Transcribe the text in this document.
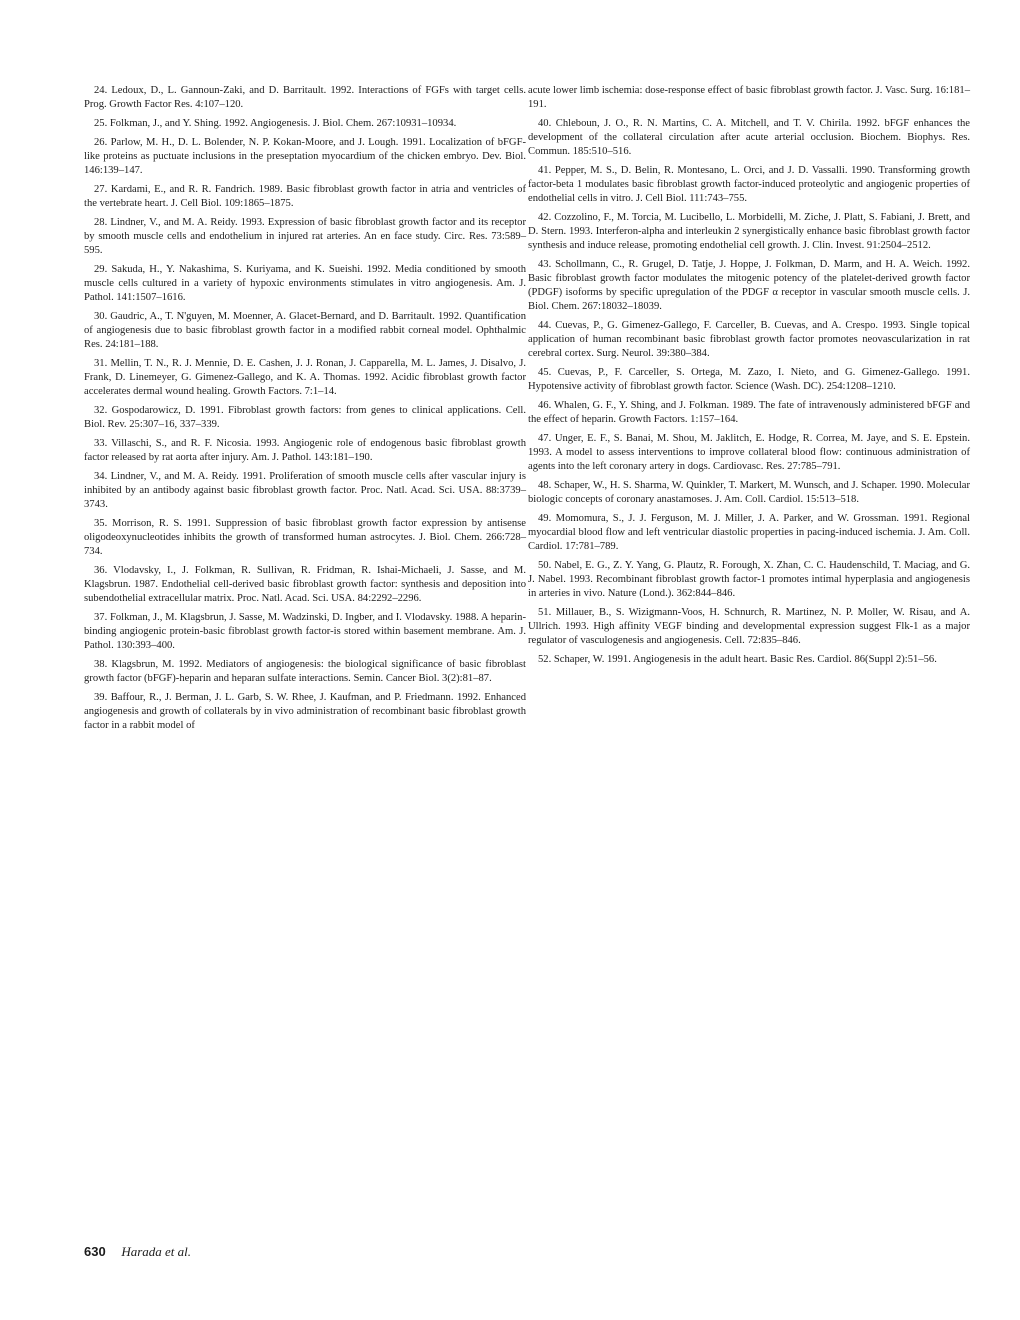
24. Ledoux, D., L. Gannoun-Zaki, and D. Barritault. 1992. Interactions of FGFs with target cells. Prog. Growth Factor Res. 4:107–120.

25. Folkman, J., and Y. Shing. 1992. Angiogenesis. J. Biol. Chem. 267:10931–10934.

26. Parlow, M. H., D. L. Bolender, N. P. Kokan-Moore, and J. Lough. 1991. Localization of bFGF-like proteins as puctuate inclusions in the preseptation myocardium of the chicken embryo. Dev. Biol. 146:139–147.

27. Kardami, E., and R. R. Fandrich. 1989. Basic fibroblast growth factor in atria and ventricles of the vertebrate heart. J. Cell Biol. 109:1865–1875.

28. Lindner, V., and M. A. Reidy. 1993. Expression of basic fibroblast growth factor and its receptor by smooth muscle cells and endothelium in injured rat arteries. An en face study. Circ. Res. 73:589–595.

29. Sakuda, H., Y. Nakashima, S. Kuriyama, and K. Sueishi. 1992. Media conditioned by smooth muscle cells cultured in a variety of hypoxic environments stimulates in vitro angiogenesis. Am. J. Pathol. 141:1507–1616.

30. Gaudric, A., T. N'guyen, M. Moenner, A. Glacet-Bernard, and D. Barritault. 1992. Quantification of angiogenesis due to basic fibroblast growth factor in a modified rabbit corneal model. Ophthalmic Res. 24:181–188.

31. Mellin, T. N., R. J. Mennie, D. E. Cashen, J. J. Ronan, J. Capparella, M. L. James, J. Disalvo, J. Frank, D. Linemeyer, G. Gimenez-Gallego, and K. A. Thomas. 1992. Acidic fibroblast growth factor accelerates dermal wound healing. Growth Factors. 7:1–14.

32. Gospodarowicz, D. 1991. Fibroblast growth factors: from genes to clinical applications. Cell. Biol. Rev. 25:307–16, 337–339.

33. Villaschi, S., and R. F. Nicosia. 1993. Angiogenic role of endogenous basic fibroblast growth factor released by rat aorta after injury. Am. J. Pathol. 143:181–190.

34. Lindner, V., and M. A. Reidy. 1991. Proliferation of smooth muscle cells after vascular injury is inhibited by an antibody against basic fibroblast growth factor. Proc. Natl. Acad. Sci. USA. 88:3739–3743.

35. Morrison, R. S. 1991. Suppression of basic fibroblast growth factor expression by antisense oligodeoxynucleotides inhibits the growth of transformed human astrocytes. J. Biol. Chem. 266:728–734.

36. Vlodavsky, I., J. Folkman, R. Sullivan, R. Fridman, R. Ishai-Michaeli, J. Sasse, and M. Klagsbrun. 1987. Endothelial cell-derived basic fibroblast growth factor: synthesis and deposition into subendothelial extracellular matrix. Proc. Natl. Acad. Sci. USA. 84:2292–2296.

37. Folkman, J., M. Klagsbrun, J. Sasse, M. Wadzinski, D. Ingber, and I. Vlodavsky. 1988. A heparin-binding angiogenic protein-basic fibroblast growth factor-is stored within basement membrane. Am. J. Pathol. 130:393–400.

38. Klagsbrun, M. 1992. Mediators of angiogenesis: the biological significance of basic fibroblast growth factor (bFGF)-heparin and heparan sulfate interactions. Semin. Cancer Biol. 3(2):81–87.

39. Baffour, R., J. Berman, J. L. Garb, S. W. Rhee, J. Kaufman, and P. Friedmann. 1992. Enhanced angiogenesis and growth of collaterals by in vivo administration of recombinant basic fibroblast growth factor in a rabbit model of

acute lower limb ischemia: dose-response effect of basic fibroblast growth factor. J. Vasc. Surg. 16:181–191.

40. Chleboun, J. O., R. N. Martins, C. A. Mitchell, and T. V. Chirila. 1992. bFGF enhances the development of the collateral circulation after acute arterial occlusion. Biochem. Biophys. Res. Commun. 185:510–516.

41. Pepper, M. S., D. Belin, R. Montesano, L. Orci, and J. D. Vassalli. 1990. Transforming growth factor-beta 1 modulates basic fibroblast growth factor-induced proteolytic and angiogenic properties of endothelial cells in vitro. J. Cell Biol. 111:743–755.

42. Cozzolino, F., M. Torcia, M. Lucibello, L. Morbidelli, M. Ziche, J. Platt, S. Fabiani, J. Brett, and D. Stern. 1993. Interferon-alpha and interleukin 2 synergistically enhance basic fibroblast growth factor synthesis and induce release, promoting endothelial cell growth. J. Clin. Invest. 91:2504–2512.

43. Schollmann, C., R. Grugel, D. Tatje, J. Hoppe, J. Folkman, D. Marm, and H. A. Weich. 1992. Basic fibroblast growth factor modulates the mitogenic potency of the platelet-derived growth factor (PDGF) isoforms by specific upregulation of the PDGF α receptor in vascular smooth muscle cells. J. Biol. Chem. 267:18032–18039.

44. Cuevas, P., G. Gimenez-Gallego, F. Carceller, B. Cuevas, and A. Crespo. 1993. Single topical application of human recombinant basic fibroblast growth factor promotes neovascularization in rat cerebral cortex. Surg. Neurol. 39:380–384.

45. Cuevas, P., F. Carceller, S. Ortega, M. Zazo, I. Nieto, and G. Gimenez-Gallego. 1991. Hypotensive activity of fibroblast growth factor. Science (Wash. DC). 254:1208–1210.

46. Whalen, G. F., Y. Shing, and J. Folkman. 1989. The fate of intravenously administered bFGF and the effect of heparin. Growth Factors. 1:157–164.

47. Unger, E. F., S. Banai, M. Shou, M. Jaklitch, E. Hodge, R. Correa, M. Jaye, and S. E. Epstein. 1993. A model to assess interventions to improve collateral blood flow: continuous administration of agents into the left coronary artery in dogs. Cardiovasc. Res. 27:785–791.

48. Schaper, W., H. S. Sharma, W. Quinkler, T. Markert, M. Wunsch, and J. Schaper. 1990. Molecular biologic concepts of coronary anastamoses. J. Am. Coll. Cardiol. 15:513–518.

49. Momomura, S., J. J. Ferguson, M. J. Miller, J. A. Parker, and W. Grossman. 1991. Regional myocardial blood flow and left ventricular diastolic properties in pacing-induced ischemia. J. Am. Coll. Cardiol. 17:781–789.

50. Nabel, E. G., Z. Y. Yang, G. Plautz, R. Forough, X. Zhan, C. C. Haudenschild, T. Maciag, and G. J. Nabel. 1993. Recombinant fibroblast growth factor-1 promotes intimal hyperplasia and angiogenesis in arteries in vivo. Nature (Lond.). 362:844–846.

51. Millauer, B., S. Wizigmann-Voos, H. Schnurch, R. Martinez, N. P. Moller, W. Risau, and A. Ullrich. 1993. High affinity VEGF binding and developmental expression suggest Flk-1 as a major regulator of vasculogenesis and angiogenesis. Cell. 72:835–846.

52. Schaper, W. 1991. Angiogenesis in the adult heart. Basic Res. Cardiol. 86(Suppl 2):51–56.

630 Harada et al.
